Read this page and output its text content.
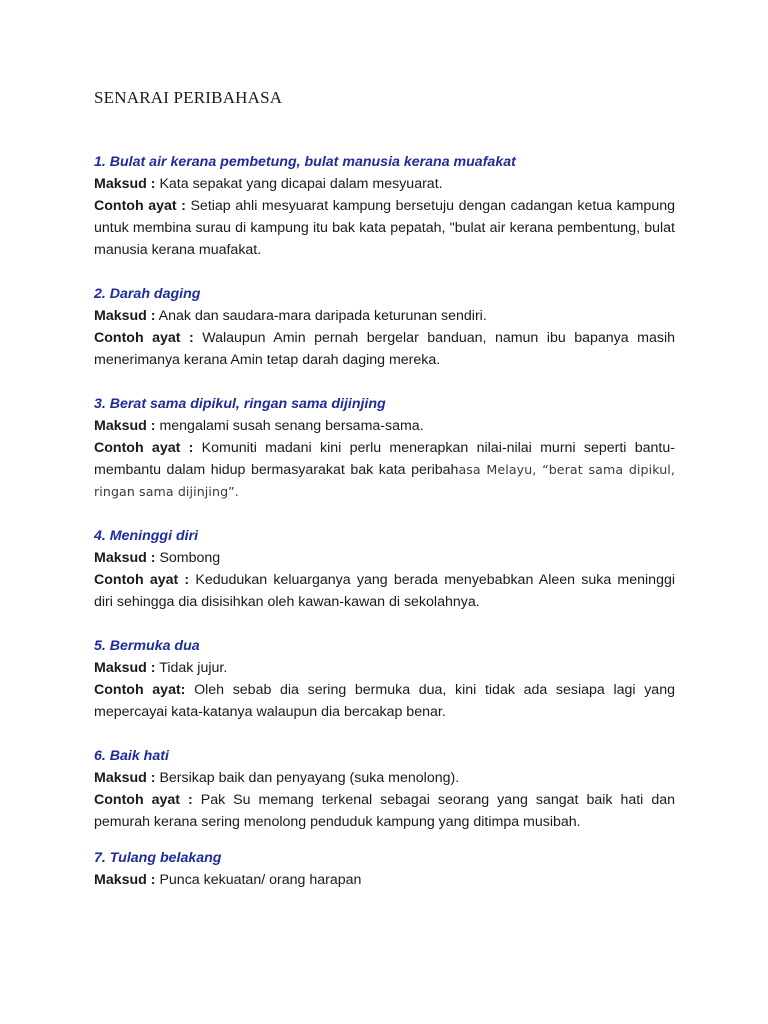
SENARAI PERIBAHASA

1. Bulat air kerana pembetung, bulat manusia kerana muafakat

Maksud : Kata sepakat yang dicapai dalam mesyuarat.

Contoh ayat : Setiap ahli mesyuarat kampung bersetuju dengan cadangan ketua kampung untuk membina surau di kampung itu bak kata pepatah, "bulat air kerana pembentung, bulat manusia kerana muafakat.

2. Darah daging

Maksud : Anak dan saudara-mara daripada keturunan sendiri.

Contoh ayat : Walaupun Amin pernah bergelar banduan, namun ibu bapanya masih menerimanya kerana Amin tetap darah daging mereka.

3. Berat sama dipikul, ringan sama dijinjing

Maksud : mengalami susah senang bersama-sama.

Contoh ayat : Komuniti madani kini perlu menerapkan nilai-nilai murni seperti bantu-membantu dalam hidup bermasyarakat bak kata peribahasa Melayu, “berat sama dipikul, ringan sama dijinjing”.

4. Meninggi diri

Maksud : Sombong

Contoh ayat : Kedudukan keluarganya yang berada menyebabkan Aleen suka meninggi diri sehingga dia disisihkan oleh kawan-kawan di sekolahnya.

5. Bermuka dua

Maksud : Tidak jujur.

Contoh ayat: Oleh sebab dia sering bermuka dua, kini tidak ada sesiapa lagi yang mepercayai kata-katanya walaupun dia bercakap benar.

6. Baik hati

Maksud : Bersikap baik dan penyayang (suka menolong).

Contoh ayat : Pak Su memang terkenal sebagai seorang yang sangat baik hati dan pemurah kerana sering menolong penduduk kampung yang ditimpa musibah.

7. Tulang belakang

Maksud : Punca kekuatan/ orang harapan
